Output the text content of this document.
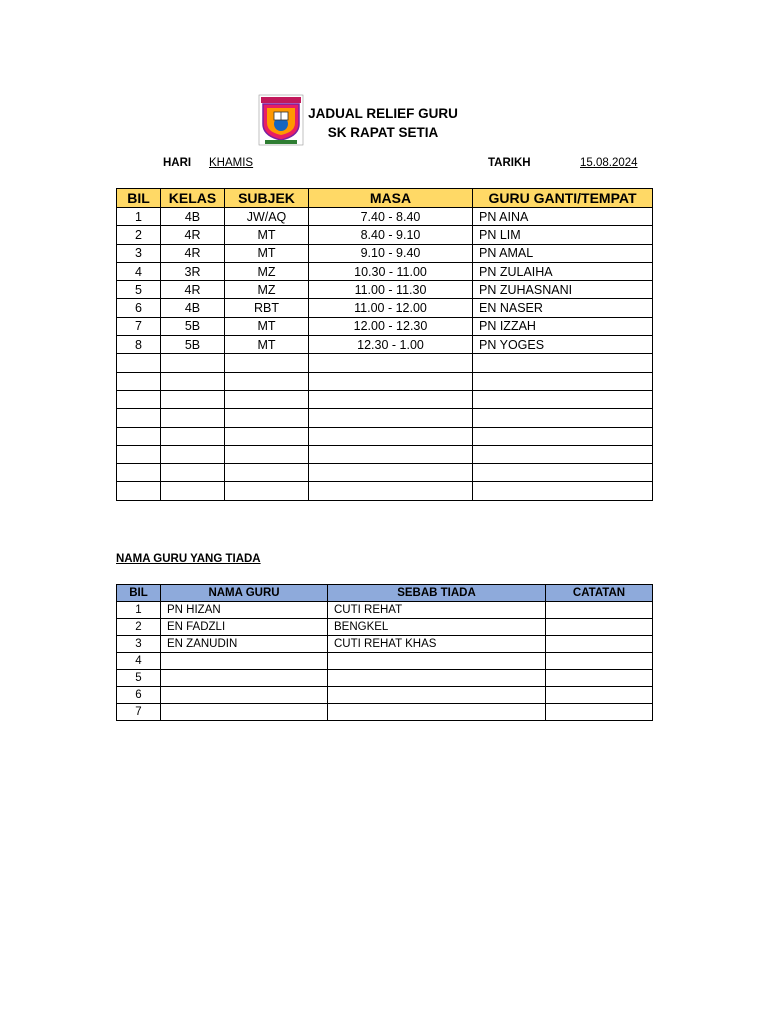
JADUAL RELIEF GURU
SK RAPAT SETIA
HARI KHAMIS	TARIKH	15.08.2024
BIL	KELAS	SUBJEK	MASA	GURU GANTI/TEMPAT
1	4B	JW/AQ	7.40 - 8.40	PN AINA
2	4R	MT	8.40 - 9.10	PN LIM
3	4R	MT	9.10 - 9.40	PN AMAL
4	3R	MZ	10.30 - 11.00	PN ZULAIHA
5	4R	MZ	11.00 - 11.30	PN ZUHASNANI
6	4B	RBT	11.00 - 12.00	EN NASER
7	5B	MT	12.00 - 12.30	PN IZZAH
8	5B	MT	12.30 - 1.00	PN YOGES

NAMA GURU YANG TIADA
BIL	NAMA GURU	SEBAB TIADA	CATATAN
1	PN HIZAN	CUTI REHAT	
2	EN FADZLI	BENGKEL	
3	EN ZANUDIN	CUTI REHAT KHAS	
4			
5			
6			
7			
